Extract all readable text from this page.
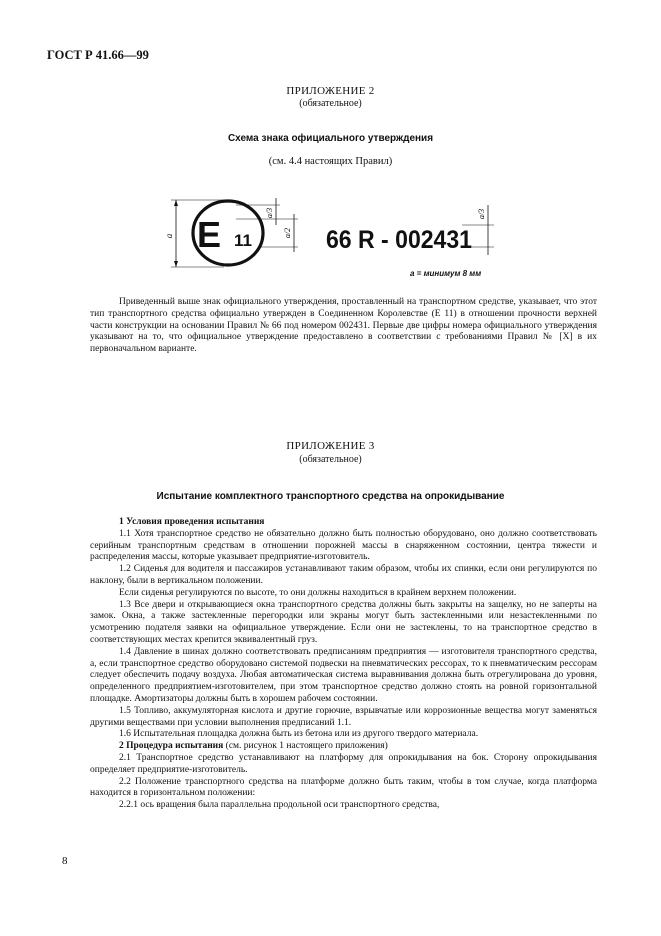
ГОСТ Р 41.66—99
ПРИЛОЖЕНИЕ 2
(обязательное)
Схема знака официального утверждения
(см. 4.4 настоящих Правил)
E 11
a
a/3
a/2 66 R - 002431
a/3
a = минимум 8 мм

Приведенный выше знак официального утверждения, проставленный на транспортном средстве, указывает, что этот тип транспортного средства официально утвержден в Соединенном Королевстве (Е 11) в отношении прочности верхней части конструкции на основании Правил № 66 под номером 002431. Первые две цифры номера официального утверждения указывают на то, что официальное утверждение предоставлено в соответствии с требованиями Правил № [X] в их первоначальном варианте.

ПРИЛОЖЕНИЕ 3
(обязательное)
Испытание комплектного транспортного средства на опрокидывание

1 Условия проведения испытания

1.1 Хотя транспортное средство не обязательно должно быть полностью оборудовано, оно должно соответствовать серийным транспортным средствам в отношении порожней массы в снаряженном состоянии, центра тяжести и распределения массы, которые указывает предприятие-изготовитель.

1.2 Сиденья для водителя и пассажиров устанавливают таким образом, чтобы их спинки, если они регулируются по наклону, были в вертикальном положении.

Если сиденья регулируются по высоте, то они должны находиться в крайнем верхнем положении.

1.3 Все двери и открывающиеся окна транспортного средства должны быть закрыты на защелку, но не заперты на замок. Окна, а также застекленные перегородки или экраны могут быть застекленными или незастекленными по усмотрению подателя заявки на официальное утверждение. Если они не застеклены, то на транспортное средство в соответствующих местах крепится эквивалентный груз.

1.4 Давление в шинах должно соответствовать предписаниям предприятия — изготовителя транспортного средства, а, если транспортное средство оборудовано системой подвески на пневматических рессорах, то к пневматическим рессорам следует обеспечить подачу воздуха. Любая автоматическая система выравнивания должна быть отрегулирована до уровня, определенного предприятием-изготовителем, при этом транспортное средство должно стоять на ровной горизонтальной площадке. Амортизаторы должны быть в хорошем рабочем состоянии.

1.5 Топливо, аккумуляторная кислота и другие горючие, взрывчатые или коррозионные вещества могут заменяться другими веществами при условии выполнения предписаний 1.1.

1.6 Испытательная площадка должна быть из бетона или из другого твердого материала.

2 Процедура испытания (см. рисунок 1 настоящего приложения)

2.1 Транспортное средство устанавливают на платформу для опрокидывания на бок. Сторону опрокидывания определяет предприятие-изготовитель.

2.2 Положение транспортного средства на платформе должно быть таким, чтобы в том случае, когда платформа находится в горизонтальном положении:

2.2.1 ось вращения была параллельна продольной оси транспортного средства,

8
